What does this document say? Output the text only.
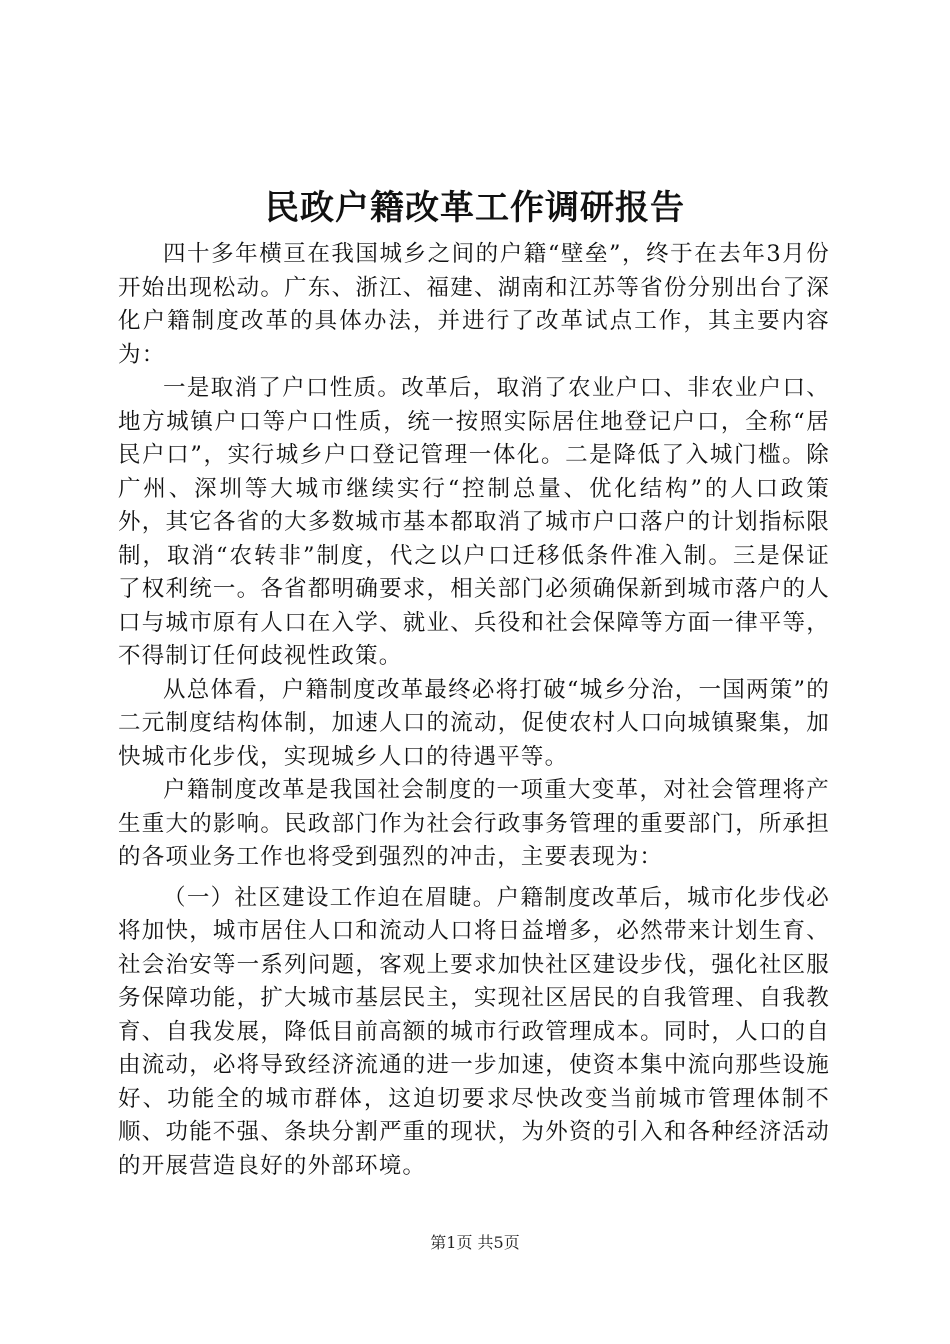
民政户籍改革工作调研报告

四十多年横亘在我国城乡之间的户籍“壁垒”，终于在去年3月份开始出现松动。广东、浙江、福建、湖南和江苏等省份分别出台了深化户籍制度改革的具体办法，并进行了改革试点工作，其主要内容为：

一是取消了户口性质。改革后，取消了农业户口、非农业户口、地方城镇户口等户口性质，统一按照实际居住地登记户口，全称“居民户口”，实行城乡户口登记管理一体化。二是降低了入城门槛。除广州、深圳等大城市继续实行“控制总量、优化结构”的人口政策外，其它各省的大多数城市基本都取消了城市户口落户的计划指标限制，取消“农转非”制度，代之以户口迁移低条件准入制。三是保证了权利统一。各省都明确要求，相关部门必须确保新到城市落户的人口与城市原有人口在入学、就业、兵役和社会保障等方面一律平等，不得制订任何歧视性政策。

从总体看，户籍制度改革最终必将打破“城乡分治，一国两策”的二元制度结构体制，加速人口的流动，促使农村人口向城镇聚集，加快城市化步伐，实现城乡人口的待遇平等。

户籍制度改革是我国社会制度的一项重大变革，对社会管理将产生重大的影响。民政部门作为社会行政事务管理的重要部门，所承担的各项业务工作也将受到强烈的冲击，主要表现为：

（一）社区建设工作迫在眉睫。户籍制度改革后，城市化步伐必将加快，城市居住人口和流动人口将日益增多，必然带来计划生育、社会治安等一系列问题，客观上要求加快社区建设步伐，强化社区服务保障功能，扩大城市基层民主，实现社区居民的自我管理、自我教育、自我发展，降低目前高额的城市行政管理成本。同时，人口的自由流动，必将导致经济流通的进一步加速，使资本集中流向那些设施好、功能全的城市群体，这迫切要求尽快改变当前城市管理体制不顺、功能不强、条块分割严重的现状，为外资的引入和各种经济活动的开展营造良好的外部环境。

第1页 共5页
